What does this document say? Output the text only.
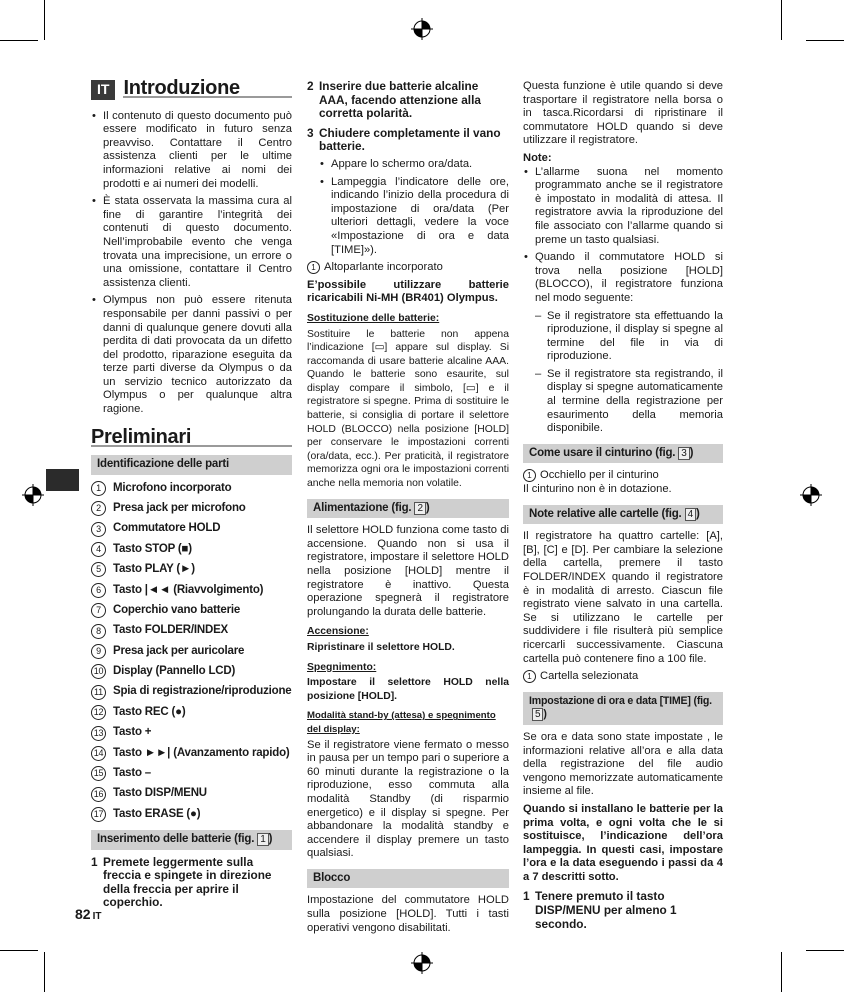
IT Introduzione
• Il contenuto di questo documento può essere modificato in futuro senza preavviso. Contattare il Centro assistenza clienti per le ultime informazioni relative ai nomi dei prodotti e ai numeri dei modelli.
• È stata osservata la massima cura al fine di garantire l’integrità dei contenuti di questo documento. Nell’improbabile evento che venga trovata una imprecisione, un errore o una omissione, contattare il Centro assistenza clienti.
• Olympus non può essere ritenuta responsabile per danni passivi o per danni di qualunque genere dovuti alla perdita di dati provocata da un difetto del prodotto, riparazione eseguita da terze parti diverse da Olympus o da un servizio tecnico autorizzato da Olympus o per qualunque altra ragione.
Preliminari
Identificazione delle parti
1	Microfono incorporato
2	Presa jack per microfono
3	Commutatore HOLD
4	Tasto STOP (■)
5	Tasto PLAY (►)
6	Tasto |◄◄ (Riavvolgimento)
7	Coperchio vano batterie
8	Tasto FOLDER/INDEX
9	Presa jack per auricolare
10 Display (Pannello LCD)
11 Spia di registrazione/riproduzione
12 Tasto REC (●)
13 Tasto +
14 Tasto ►►| (Avanzamento rapido)
15 Tasto –
16 Tasto DISP/MENU
17 Tasto ERASE (●)
Inserimento delle batterie (fig. 1 )
1 Premete leggermente sulla freccia e spingete in direzione della freccia per aprire il coperchio.
2 Inserire due batterie alcaline AAA, facendo attenzione alla corretta polarità.
3 Chiudere completamente il vano batterie.
• Appare lo schermo ora/data.
• Lampeggia l’indicatore delle ore, indicando l’inizio della procedura di impostazione di ora/data (Per ulteriori dettagli, vedere la voce «Impostazione di ora e data [TIME]»).
1 Altoparlante incorporato
E’possibile utilizzare batterie ricaricabili Ni-MH (BR401) Olympus.
Sostituzione delle batterie:
Sostituire le batterie non appena l’indicazione [▭] appare sul display. Si raccomanda di usare batterie alcaline AAA. Quando le batterie sono esaurite, sul display compare il simbolo, [▭] e il registratore si spegne. Prima di sostituire le batterie, si consiglia di portare il selettore HOLD (BLOCCO) nella posizione [HOLD] per conservare le impostazioni correnti (ora/data, ecc.). Per praticità, il registratore memorizza ogni ora le impostazioni correnti anche nella memoria non volatile.
Alimentazione (fig. 2 )
Il selettore HOLD funziona come tasto di accensione. Quando non si usa il registratore, impostare il selettore HOLD nella posizione [HOLD] mentre il registratore è inattivo. Questa operazione spegnerà il registratore prolungando la durata delle batterie.
Accensione:
Ripristinare il selettore HOLD.
Spegnimento:
Impostare il selettore HOLD nella posizione [HOLD].
Modalità stand-by (attesa) e spegnimento del display:
Se il registratore viene fermato o messo in pausa per un tempo pari o superiore a 60 minuti durante la registrazione o la riproduzione, esso commuta alla modalità Standby (di risparmio energetico) e il display si spegne. Per abbandonare la modalità standby e accendere il display premere un tasto qualsiasi.
Blocco
Impostazione del commutatore HOLD sulla posizione [HOLD]. Tutti i tasti operativi vengono disabilitati.
Questa funzione è utile quando si deve trasportare il registratore nella borsa o in tasca.Ricordarsi di ripristinare il commutatore HOLD quando si deve utilizzare il registratore.
Note:
• L’allarme suona nel momento programmato anche se il registratore è impostato in modalità di attesa. Il registratore avvia la riproduzione del file associato con l’allarme quando si preme un tasto qualsiasi.
• Quando il commutatore HOLD si trova nella posizione [HOLD] (BLOCCO), il registratore funziona nel modo seguente:
– Se il registratore sta effettuando la riproduzione, il display si spegne al termine del file in via di riproduzione.
– Se il registratore sta registrando, il display si spegne automaticamente al termine della registrazione per esaurimento della memoria disponibile.
Come usare il cinturino (fig. 3 )
1 Occhiello per il cinturino
Il cinturino non è in dotazione.
Note relative alle cartelle (fig. 4 )
Il registratore ha quattro cartelle: [A], [B], [C] e [D]. Per cambiare la selezione della cartella, premere il tasto FOLDER/INDEX quando il registratore è in modalità di arresto. Ciascun file registrato viene salvato in una cartella. Se si utilizzano le cartelle per suddividere i file risulterà più semplice ricercarli successivamente. Ciascuna cartella può contenere fino a 100 file.
1 Cartella selezionata
Impostazione di ora e data [TIME] (fig.5 )
Se ora e data sono state impostate , le informazioni relative all’ora e alla data della registrazione del file audio vengono memorizzate automaticamente insieme al file.
Quando si installano le batterie per la prima volta, e ogni volta che le si sostituisce, l’indicazione dell’ora lampeggia. In questi casi, impostare l’ora e la data eseguendo i passi da 4 a 7 descritti sotto.
1 Tenere premuto il tasto DISP/MENU per almeno 1 secondo.
82 IT
